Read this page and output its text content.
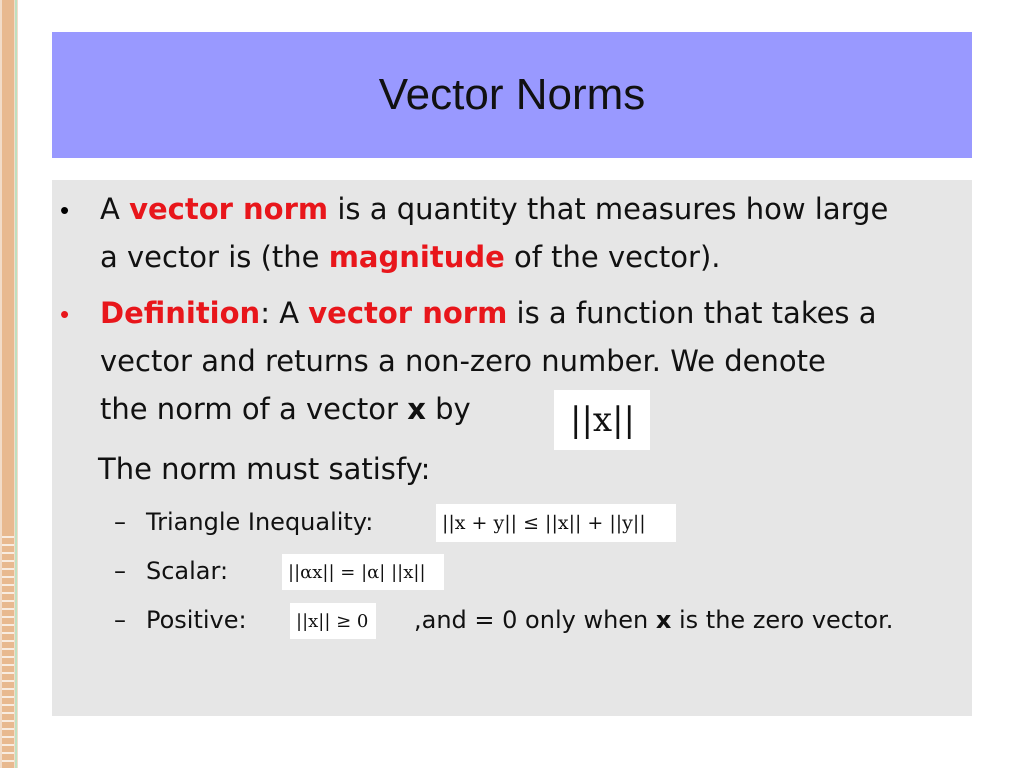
Vector Norms
• A vector norm is a quantity that measures how large
a vector is (the magnitude of the vector).
• Definition: A vector norm is a function that takes a
vector and returns a non-zero number. We denote
the norm of a vector x by	||x||
The norm must satisfy:
– Triangle Inequality:	||x + y|| ≤ ||x|| + ||y||
– Scalar:	||αx|| = |α| ||x||
– Positive:	||x|| ≥ 0	,and = 0 only when x is the zero vector.
